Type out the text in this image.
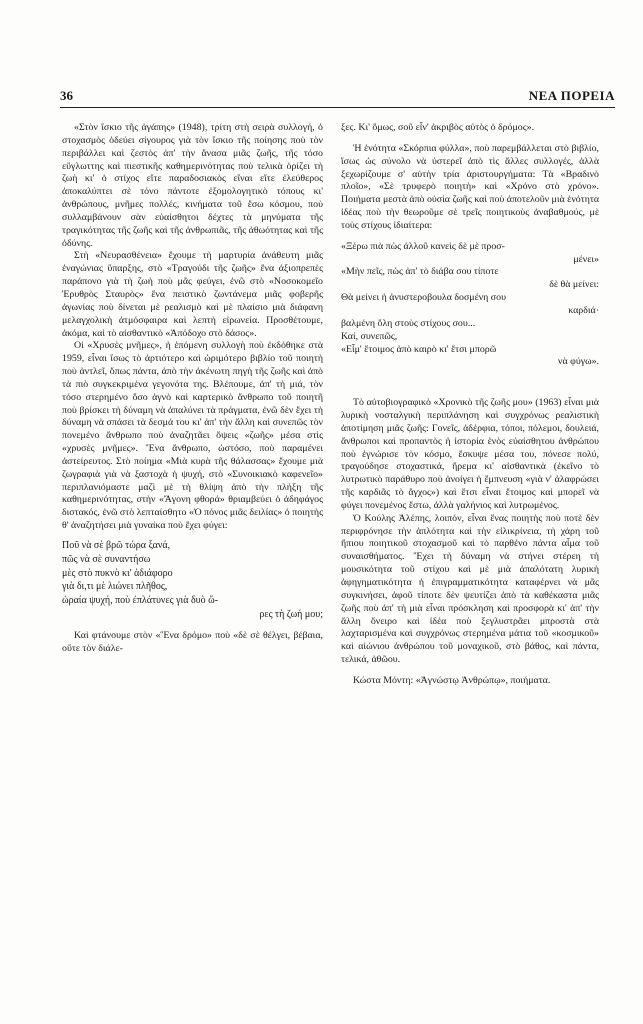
36	ΝΕΑ ΠΟΡΕΙΑ

«Στὸν ἴσκιο τῆς ἀγάπης» (1948), τρίτη στὴ σειρὰ συλλογή, ὁ στοχασμὸς ὁδεύει σίγουρος γιὰ τὸν ἴσκιο τῆς ποίησης ποὺ τὸν περιβάλλει καὶ ζεστὸς ἀπ' τὴν ἄνασα μιᾶς ζωῆς, τῆς τόσο εὔγλωττης καὶ πιεστικῆς καθημερινότητας ποὺ τελικὰ ὁρίζει τὴ ζωὴ κι' ὁ στίχος εἴτε παραδοσιακὸς εἴναι εἴτε ἐλεύθερος ἀποκαλύπτει σὲ τόνο πάντοτε ἐξομολογητικὸ τόπους κι' ἀνθρώπους, μνῆμες πολλές, κινήματα τοῦ ἔσω κόσμου, ποὺ συλλαμβάνουν σὰν εὐαίσθητοι δέχτες τὰ μηνύματα τῆς τραγικότητας τῆς ζωῆς καὶ τῆς ἀνθρωπιᾶς, τῆς ἀθωότητας καὶ τῆς ὀδύνης.

Στὴ «Νευρασθένεια» ἔχουμε τὴ μαρτυρία ἀνάθευτη μιᾶς ἐναγώνιας ὕπαρξης, στὸ «Τραγούδι τῆς ζωῆς» ἕνα ἀξιοπρεπὲς παράπονο γιὰ τὴ ζωὴ ποὺ μᾶς φεύγει, ἐνῶ στὸ «Νοσοκομεῖο Ἐρυθρὸς Σταυρὸς» ἕνα πειστικὸ ζωντάνεμα μιᾶς φοβερῆς ἀγωνίας ποὺ δίνεται μὲ ρεαλισμὸ καὶ μὲ πλαίσιο μιὰ διάφανη μελαγχολικὴ ἀτμόσφαιρα καὶ λεπτὴ εἰρωνεία. Προσθέτουμε, ἀκόμα, καὶ τὸ αἰσθαντικὸ «Ἀπόδοχο στὸ δάσος».

Οἱ «Χρυσὲς μνῆμες», ἡ ἑπόμενη συλλογὴ ποὺ ἐκδόθηκε στὰ 1959, εἶναι ἴσως τὸ ἀρτιότερο καὶ ὡριμότερο βιβλίο τοῦ ποιητὴ ποὺ ἀντλεῖ, ὅπως πάντα, ἀπὸ τὴν ἀκένωτη πηγὴ τῆς ζωῆς καὶ ἀπὸ τὰ πιὸ συγκεκριμένα γεγονότα της. Βλέπουμε, ἀπ' τὴ μιά, τὸν τόσο στερημένο ὅσο ἁγνὸ καὶ καρτερικὸ ἄνθρωπο τοῦ ποιητῆ ποὺ βρίσκει τὴ δύναμη νὰ ἀπαλύνει τὰ πράγματα, ἐνῶ δὲν ἔχει τὴ δύναμη νὰ σπάσει τὰ δεσμά του κι' ἀπ' τὴν ἄλλη καὶ συνεπῶς τὸν πονεμένο ἄνθρωπο ποὺ ἀναζητᾶει ὄψεις «ζωῆς» μέσα στὶς «χρυσὲς μνῆμες». Ἕνα ἄνθρωπο, ὡστόσο, ποὺ παραμένει ἀστείρευτος. Στὸ ποίημα «Μιὰ κυρὰ τῆς θάλασσας» ἔχουμε μιὰ ζωγραφιὰ γιὰ νὰ ξαστοχὰ ἡ ψυχή, στὸ «Συνοικιακὸ καφενεῖο» περιπλανιόμαστε μαζὶ μὲ τὴ θλίψη ἀπὸ τὴν πλήξη τῆς καθημερινότητας, στὴν «Ἄγονη φθορά» θριαμβεύει ὁ ἀδηφάγος διστακός, ἐνῶ στὸ λεπταίσθητο «Ὁ πόνος μιᾶς δειλίας» ὁ ποιητὴς θ' ἀναζητήσει μιὰ γυναίκα ποὺ ἔχει φύγει:

Ποῦ νὰ σὲ βρῶ τώρα ξανά,
πῶς νὰ σὲ συναντήσω
μὲς στὸ πυκνὸ κι' ἀδιάφορο
γιὰ δι,τι μὲ λιώνει πλῆθος,
ὡραία ψυχή, ποὺ ἐπλάτυνες γιὰ δυὸ ὥ-
ρες τὴ ζωή μου;

Καὶ φτάνουμε στὸν «Ἕνα δρόμο» ποὺ «δὲ σὲ θέλγει, βέβαια, οὔτε τὸν διάλε-

ξες. Κι' ὅμως, σοῦ εἶν' ἀκριβὸς αὐτὸς ὁ δρόμος».

Ἡ ἑνότητα «Σκόρπια φύλλα», ποὺ παρεμβάλλεται στὸ βιβλίο, ἴσως ὡς σύνολο νὰ ὑστερεῖ ἀπὸ τὶς ἄλλες συλλογές, ἀλλὰ ξεχωρίζουμε σ' αὐτὴν τρία ἀριστουργήματα: Τὰ «Βραδινὸ πλοῖο», «Σὲ τρυφερὸ ποιητὴ» καὶ «Χρόνο στὸ χρόνο». Ποιήματα μεστὰ ἀπὸ οὐσία ζωῆς καὶ ποὺ ἀποτελοῦν μιὰ ἑνότητα ἰδέας ποὺ τὴν θεωροῦμε σὲ τρεῖς ποιητικοὺς ἀναβαθμούς, μὲ τοὺς στίχους ἰδιαίτερα:

«Ξέρω πιὰ πὼς ἀλλοῦ κανεὶς δὲ μὲ προσ-

μένει»

«Μὴν πεῖς, πὼς ἀπ' τὸ διάβα σου τίποτε

δὲ θὰ μείνει:

Θὰ μείνει ἡ ἀνυστεροβουλα δοσμένη σου

καρδιά·

βαλμένη ὅλη στοὺς στίχους σου...

Καί, συνεπῶς,

«Εἶμ' ἕτοιμος ἀπὸ καιρὸ κι' ἔτσι μπορῶ

νὰ φύγω».

Τὸ αὐτοβιογραφικὸ «Χρονικὸ τῆς ζωῆς μου» (1963) εἶναι μιὰ λυρικὴ νοσταλγικὴ περιπλάνηση καὶ συγχρόνως ρεαλιστικὴ ἀποτίμηση μιᾶς ζωῆς: Γονεῖς, ἀδέρφια, τόποι, πόλεμοι, δουλειά, ἄνθρωποι καὶ προπαντὸς ἡ ἱστορία ἑνὸς εὐαίσθητου ἀνθρώπου ποὺ ἐγνώρισε τὸν κόσμο, ἔσκυψε μέσα του, πόνεσε πολύ, τραγούδησε στοχαστικά, ἤρεμα κι' αἰσθαντικὰ (ἐκεῖνο τὸ λυτρωτικὸ παράθυρο ποὺ ἀνοίγει ἡ ἔμπνευση «γιὰ ν' ἀλαφρώσει τῆς καρδιᾶς τὸ ἄγχος») καὶ ἔτσι εἶναι ἕτοιμος καὶ μπορεῖ νὰ φύγει πονεμένος ἔστω, ἀλλὰ γαλήνιος καὶ λυτρωμένος.

Ὁ Κούλης Ἀλέπης, λοιπόν, εἶναι ἕνας ποιητὴς ποὺ ποτὲ δὲν περιφρόνησε τὴν ἁπλότητα καὶ τὴν εἰλικρίνεια, τὴ χάρη τοῦ ἤπιου ποιητικοῦ στοχασμοῦ καὶ τὸ παρθένο πάντα αἷμα τοῦ συναισθήματος. Ἔχει τὴ δύναμη νὰ στήνει στέρεη τὴ μουσικότητα τοῦ στίχου καὶ μὲ μιὰ ἀπαλότατη λυρικὴ ἀφηγηματικότητα ἡ ἐπιγραμματικότητα καταφέρνει νὰ μᾶς συγκινήσει, ἀφοῦ τίποτε δὲν ψευτίζει ἀπὸ τὰ καθέκαστα μιᾶς ζωῆς ποὺ ἀπ' τὴ μιὰ εἶναι πρόσκληση καὶ προσφορὰ κι' ἀπ' τὴν ἄλλη ὄνειρο καὶ ἰδέα ποὺ ξεγλυστρᾶει μπροστὰ στὰ λαχταρισμένα καὶ συγχρόνως στερημένα μάτια τοῦ «κοσμικοῦ» καὶ αἰώνιου ἀνθρώπου τοῦ μοναχικοῦ, στὸ βάθος, καὶ πάντα, τελικά, ἀθῶου.

Κώστα Μόντη: «Ἀγνώστῳ Ἀνθρώπῳ», ποιήματα.
